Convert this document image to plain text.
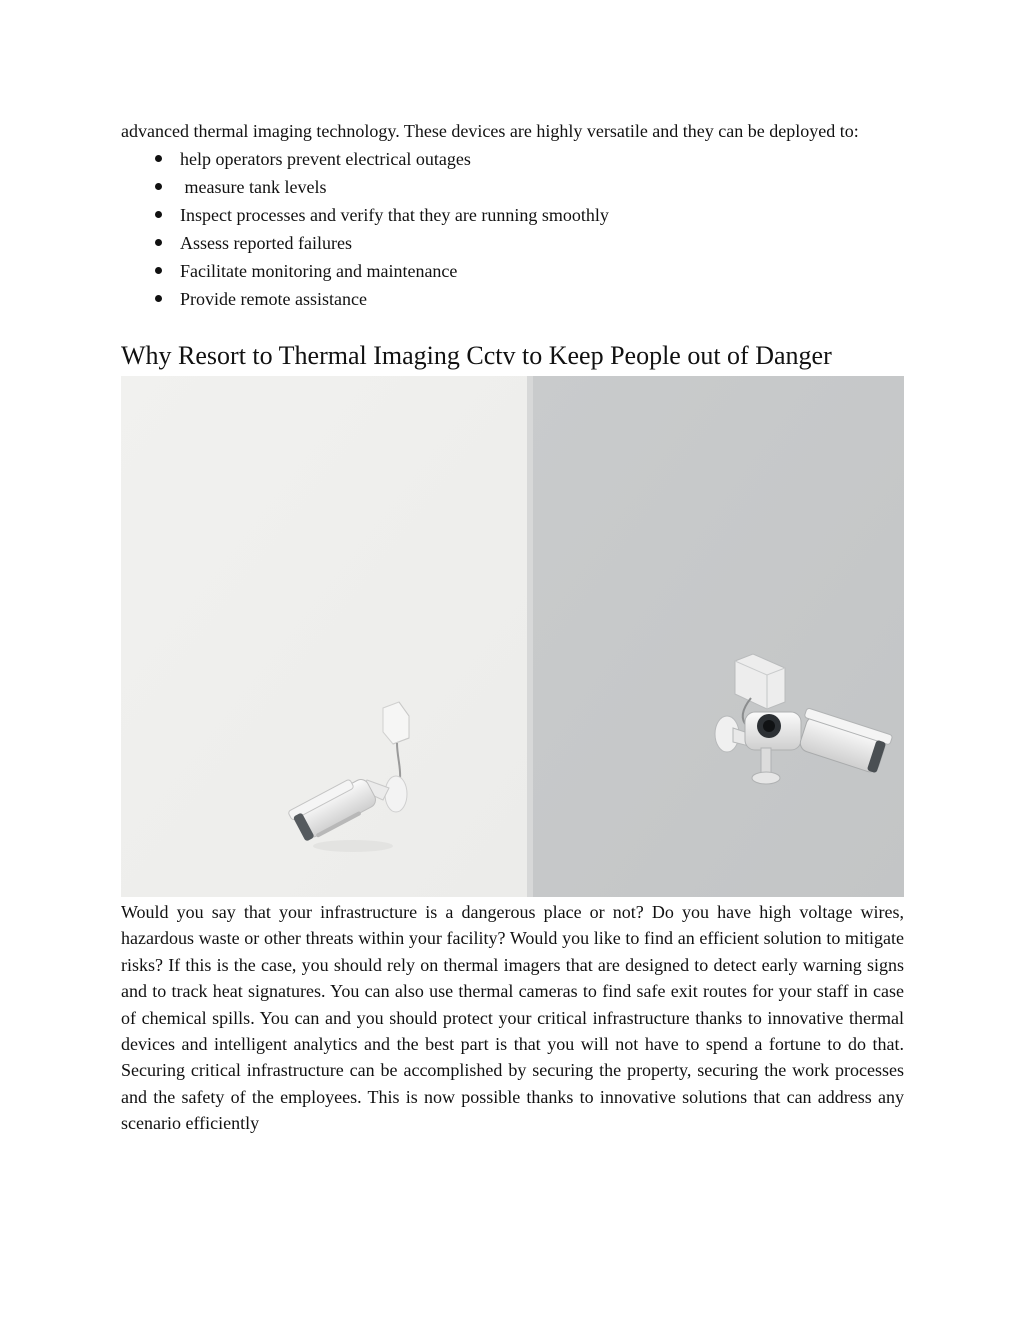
advanced thermal imaging technology. These devices are highly versatile and they can be deployed to:

help operators prevent electrical outages
measure tank levels
Inspect processes and verify that they are running smoothly
Assess reported failures
Facilitate monitoring and maintenance
Provide remote assistance
Why Resort to Thermal Imaging Cctv to Keep People out of Danger

Would you say that your infrastructure is a dangerous place or not? Do you have high voltage wires, hazardous waste or other threats within your facility? Would you like to find an efficient solution to mitigate risks? If this is the case, you should rely on thermal imagers that are designed to detect early warning signs and to track heat signatures. You can also use thermal cameras to find safe exit routes for your staff in case of chemical spills. You can and you should protect your critical infrastructure thanks to innovative thermal devices and intelligent analytics and the best part is that you will not have to spend a fortune to do that. Securing critical infrastructure can be accomplished by securing the property, securing the work processes and the safety of the employees. This is now possible thanks to innovative solutions that can address any scenario efficiently
